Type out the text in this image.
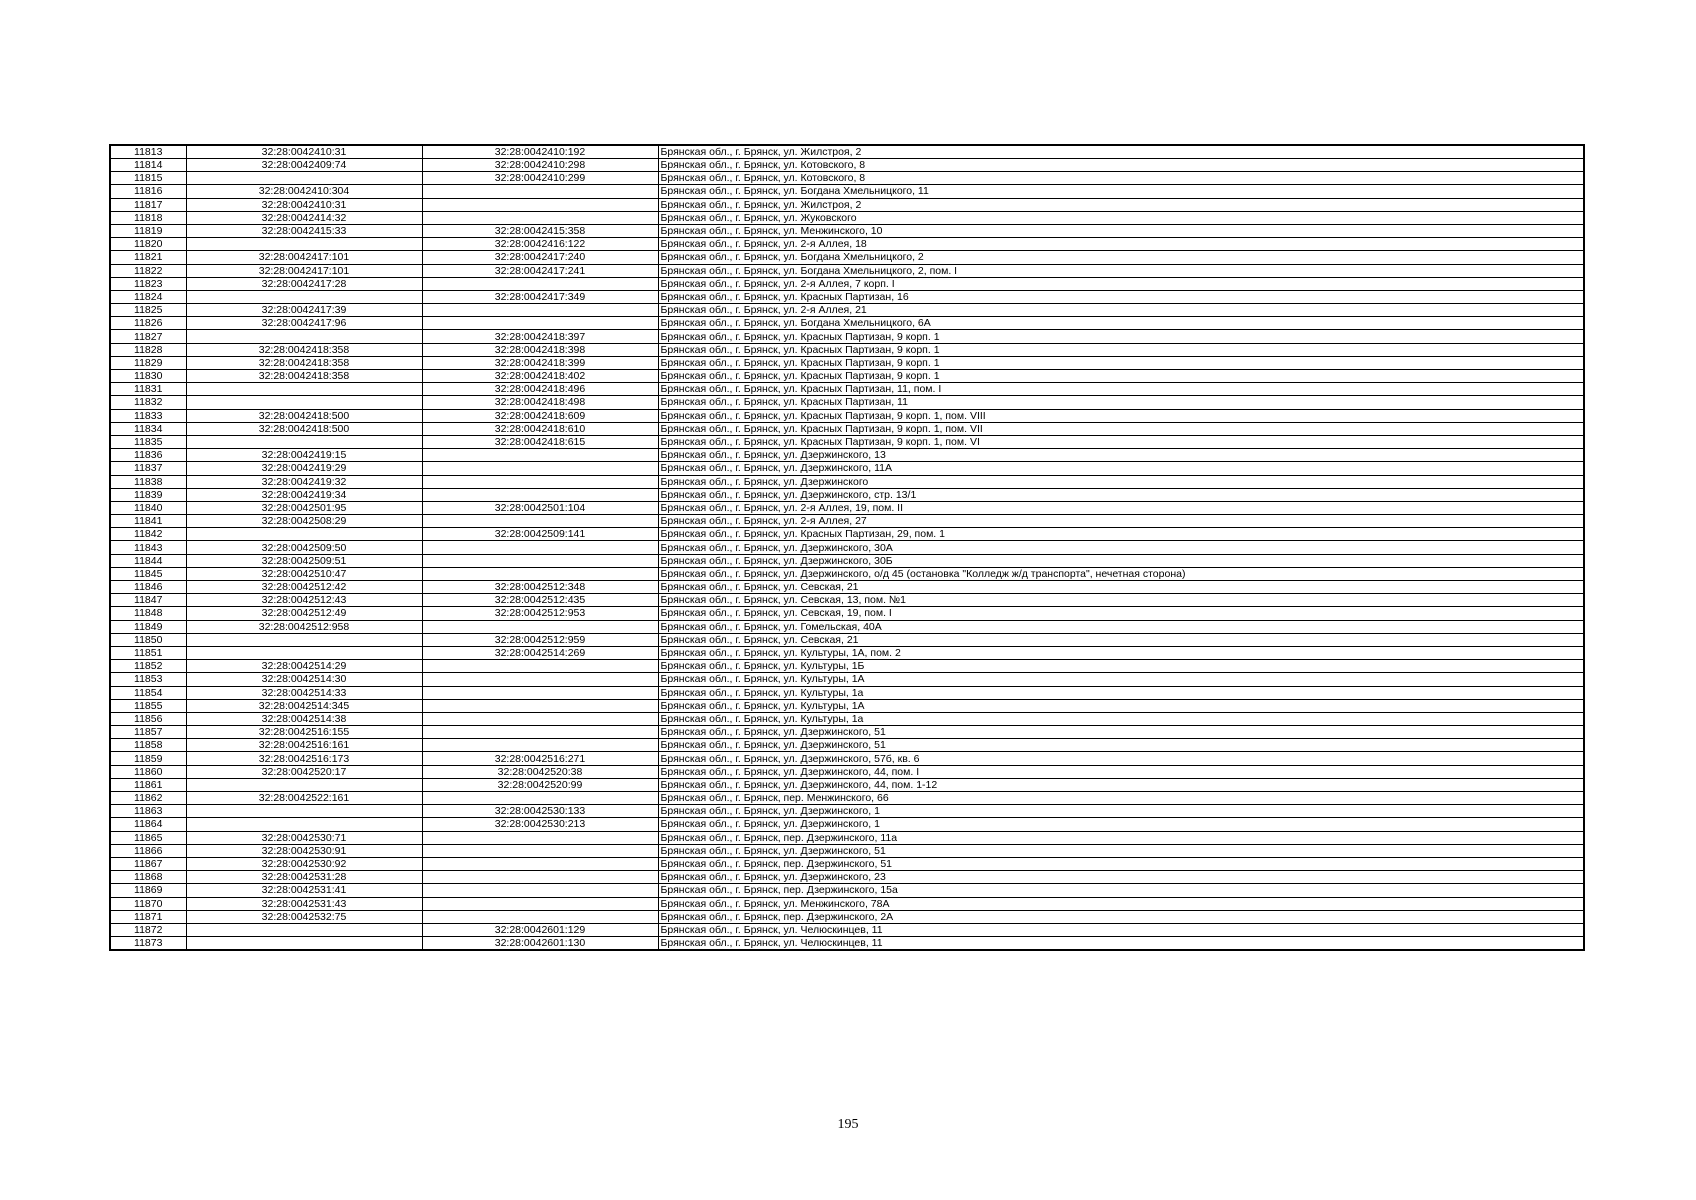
11813	32:28:0042410:31	32:28:0042410:192	Брянская обл., г. Брянск, ул. Жилстроя, 2
11814	32:28:0042409:74	32:28:0042410:298	Брянская обл., г. Брянск, ул. Котовского, 8
11815		32:28:0042410:299	Брянская обл., г. Брянск, ул. Котовского, 8
11816	32:28:0042410:304		Брянская обл., г. Брянск, ул. Богдана Хмельницкого, 11
11817	32:28:0042410:31		Брянская обл., г. Брянск, ул. Жилстроя, 2
11818	32:28:0042414:32		Брянская обл., г. Брянск, ул. Жуковского
11819	32:28:0042415:33	32:28:0042415:358	Брянская обл., г. Брянск, ул. Менжинского, 10
11820		32:28:0042416:122	Брянская обл., г. Брянск, ул. 2-я Аллея, 18
11821	32:28:0042417:101	32:28:0042417:240	Брянская обл., г. Брянск, ул. Богдана Хмельницкого, 2
11822	32:28:0042417:101	32:28:0042417:241	Брянская обл., г. Брянск, ул. Богдана Хмельницкого, 2, пом. I
11823	32:28:0042417:28		Брянская обл., г. Брянск, ул. 2-я Аллея, 7 корп. I
11824		32:28:0042417:349	Брянская обл., г. Брянск, ул. Красных Партизан, 16
11825	32:28:0042417:39		Брянская обл., г. Брянск, ул. 2-я Аллея, 21
11826	32:28:0042417:96		Брянская обл., г. Брянск, ул. Богдана Хмельницкого, 6А
11827		32:28:0042418:397	Брянская обл., г. Брянск, ул. Красных Партизан, 9 корп. 1
11828	32:28:0042418:358	32:28:0042418:398	Брянская обл., г. Брянск, ул. Красных Партизан, 9 корп. 1
11829	32:28:0042418:358	32:28:0042418:399	Брянская обл., г. Брянск, ул. Красных Партизан, 9 корп. 1
11830	32:28:0042418:358	32:28:0042418:402	Брянская обл., г. Брянск, ул. Красных Партизан, 9 корп. 1
11831		32:28:0042418:496	Брянская обл., г. Брянск, ул. Красных Партизан, 11, пом. I
11832		32:28:0042418:498	Брянская обл., г. Брянск, ул. Красных Партизан, 11
11833	32:28:0042418:500	32:28:0042418:609	Брянская обл., г. Брянск, ул. Красных Партизан, 9 корп. 1, пом. VIII
11834	32:28:0042418:500	32:28:0042418:610	Брянская обл., г. Брянск, ул. Красных Партизан, 9 корп. 1, пом. VII
11835		32:28:0042418:615	Брянская обл., г. Брянск, ул. Красных Партизан, 9 корп. 1, пом. VI
11836	32:28:0042419:15		Брянская обл., г. Брянск, ул. Дзержинского, 13
11837	32:28:0042419:29		Брянская обл., г. Брянск, ул. Дзержинского, 11А
11838	32:28:0042419:32		Брянская обл., г. Брянск, ул. Дзержинского
11839	32:28:0042419:34		Брянская обл., г. Брянск, ул. Дзержинского, стр. 13/1
11840	32:28:0042501:95	32:28:0042501:104	Брянская обл., г. Брянск, ул. 2-я Аллея, 19, пом. II
11841	32:28:0042508:29		Брянская обл., г. Брянск, ул. 2-я Аллея, 27
11842		32:28:0042509:141	Брянская обл., г. Брянск, ул. Красных Партизан, 29, пом. 1
11843	32:28:0042509:50		Брянская обл., г. Брянск, ул. Дзержинского, 30А
11844	32:28:0042509:51		Брянская обл., г. Брянск, ул. Дзержинского, 30Б
11845	32:28:0042510:47		Брянская обл., г. Брянск, ул. Дзержинского, о/д 45 (остановка "Колледж ж/д транспорта", нечетная сторона)
11846	32:28:0042512:42	32:28:0042512:348	Брянская обл., г. Брянск, ул. Севская, 21
11847	32:28:0042512:43	32:28:0042512:435	Брянская обл., г. Брянск, ул. Севская, 13, пом. №1
11848	32:28:0042512:49	32:28:0042512:953	Брянская обл., г. Брянск, ул. Севская, 19, пом. I
11849	32:28:0042512:958		Брянская обл., г. Брянск, ул. Гомельская, 40А
11850		32:28:0042512:959	Брянская обл., г. Брянск, ул. Севская, 21
11851		32:28:0042514:269	Брянская обл., г. Брянск, ул. Культуры, 1А, пом. 2
11852	32:28:0042514:29		Брянская обл., г. Брянск, ул. Культуры, 1Б
11853	32:28:0042514:30		Брянская обл., г. Брянск, ул. Культуры, 1А
11854	32:28:0042514:33		Брянская обл., г. Брянск, ул. Культуры, 1а
11855	32:28:0042514:345		Брянская обл., г. Брянск, ул. Культуры, 1А
11856	32:28:0042514:38		Брянская обл., г. Брянск, ул. Культуры, 1а
11857	32:28:0042516:155		Брянская обл., г. Брянск, ул. Дзержинского, 51
11858	32:28:0042516:161		Брянская обл., г. Брянск, ул. Дзержинского, 51
11859	32:28:0042516:173	32:28:0042516:271	Брянская обл., г. Брянск, ул. Дзержинского, 57б, кв. 6
11860	32:28:0042520:17	32:28:0042520:38	Брянская обл., г. Брянск, ул. Дзержинского, 44, пом. I
11861		32:28:0042520:99	Брянская обл., г. Брянск, ул. Дзержинского, 44, пом. 1-12
11862	32:28:0042522:161		Брянская обл., г. Брянск, пер. Менжинского, 66
11863		32:28:0042530:133	Брянская обл., г. Брянск, ул. Дзержинского, 1
11864		32:28:0042530:213	Брянская обл., г. Брянск, ул. Дзержинского, 1
11865	32:28:0042530:71		Брянская обл., г. Брянск, пер. Дзержинского, 11а
11866	32:28:0042530:91		Брянская обл., г. Брянск, ул. Дзержинского, 51
11867	32:28:0042530:92		Брянская обл., г. Брянск, пер. Дзержинского, 51
11868	32:28:0042531:28		Брянская обл., г. Брянск, ул. Дзержинского, 23
11869	32:28:0042531:41		Брянская обл., г. Брянск, пер. Дзержинского, 15а
11870	32:28:0042531:43		Брянская обл., г. Брянск, ул. Менжинского, 78А
11871	32:28:0042532:75		Брянская обл., г. Брянск, пер. Дзержинского, 2А
11872		32:28:0042601:129	Брянская обл., г. Брянск, ул. Челюскинцев, 11
11873		32:28:0042601:130	Брянская обл., г. Брянск, ул. Челюскинцев, 11
195
